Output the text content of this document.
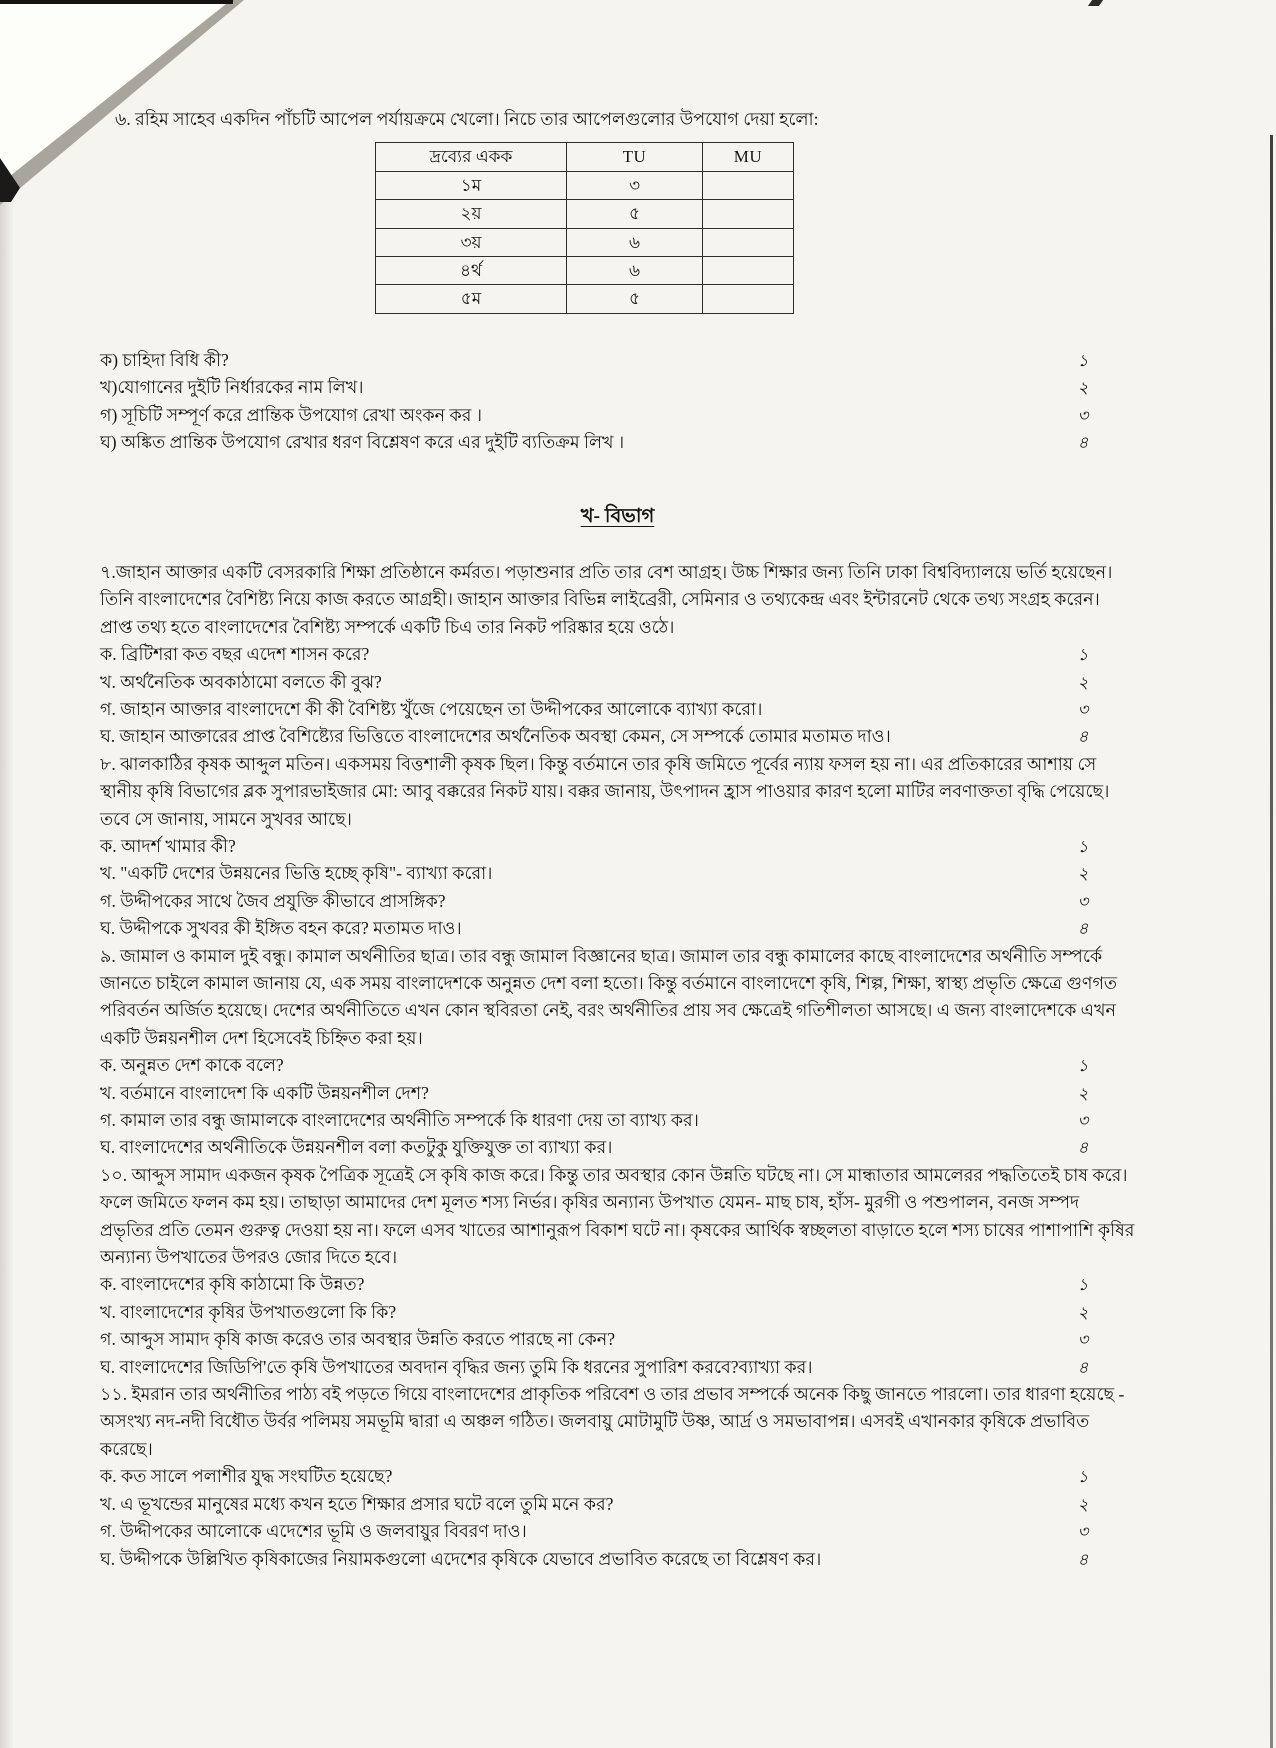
৬. রহিম সাহেব একদিন পাঁচটি আপেল পর্যায়ক্রমে খেলো। নিচে তার আপেলগুলোর উপযোগ দেয়া হলো:

দ্রব্যের একক	TU	MU
১ম	৩	
২য়	৫	
৩য়	৬	
৪র্থ	৬	
৫ম	৫	
ক) চাহিদা বিধি কী?	১
খ)যোগানের দুইটি নির্ধারকের নাম লিখ।	২
গ) সূচিটি সম্পূর্ণ করে প্রান্তিক উপযোগ রেখা অংকন কর ।	৩
ঘ) অঙ্কিত প্রান্তিক উপযোগ রেখার ধরণ বিশ্লেষণ করে এর দুইটি ব্যতিক্রম লিখ ।	৪
খ- বিভাগ

৭.জাহান আক্তার একটি বেসরকারি শিক্ষা প্রতিষ্ঠানে কর্মরত। পড়াশুনার প্রতি তার বেশ আগ্রহ। উচ্চ শিক্ষার জন্য তিনি ঢাকা বিশ্ববিদ্যালয়ে ভর্তি হয়েছেন। তিনি বাংলাদেশের বৈশিষ্ট্য নিয়ে কাজ করতে আগ্রহী। জাহান আক্তার বিভিন্ন লাইব্রেরী, সেমিনার ও তথ্যকেন্দ্র এবং ইন্টারনেট থেকে তথ্য সংগ্রহ করেন। প্রাপ্ত তথ্য হতে বাংলাদেশের বৈশিষ্ট্য সম্পর্কে একটি চিএ তার নিকট পরিষ্কার হয়ে ওঠে।

ক. ব্রিটিশরা কত বছর এদেশ শাসন করে?	১
খ. অর্থনৈতিক অবকাঠামো বলতে কী বুঝ?	২
গ. জাহান আক্তার বাংলাদেশে কী কী বৈশিষ্ট্য খুঁজে পেয়েছেন তা উদ্দীপকের আলোকে ব্যাখ্যা করো।	৩
ঘ. জাহান আক্তারের প্রাপ্ত বৈশিষ্ট্যের ভিত্তিতে বাংলাদেশের অর্থনৈতিক অবস্থা কেমন, সে সম্পর্কে তোমার মতামত দাও।	৪

৮. ঝালকাঠির কৃষক আব্দুল মতিন। একসময় বিত্তশালী কৃষক ছিল। কিন্তু বর্তমানে তার কৃষি জমিতে পূর্বের ন্যায় ফসল হয় না। এর প্রতিকারের আশায় সে স্থানীয় কৃষি বিভাগের ব্লক সুপারভাইজার মো: আবু বক্করের নিকট যায়। বক্কর জানায়, উৎপাদন হ্রাস পাওয়ার কারণ হলো মাটির লবণাক্ততা বৃদ্ধি পেয়েছে। তবে সে জানায়, সামনে সুখবর আছে।

ক. আদর্শ খামার কী?	১
খ. "একটি দেশের উন্নয়নের ভিত্তি হচ্ছে কৃষি"- ব্যাখ্যা করো।	২
গ. উদ্দীপকের সাথে জৈব প্রযুক্তি কীভাবে প্রাসঙ্গিক?	৩
ঘ. উদ্দীপকে সুখবর কী ইঙ্গিত বহন করে? মতামত দাও।	৪

৯. জামাল ও কামাল দুই বন্ধু। কামাল অর্থনীতির ছাত্র। তার বন্ধু জামাল বিজ্ঞানের ছাত্র। জামাল তার বন্ধু কামালের কাছে বাংলাদেশের অর্থনীতি সম্পর্কে জানতে চাইলে কামাল জানায় যে, এক সময় বাংলাদেশকে অনুন্নত দেশ বলা হতো। কিন্তু বর্তমানে বাংলাদেশে কৃষি, শিল্প, শিক্ষা, স্বাস্থ্য প্রভৃতি ক্ষেত্রে গুণগত পরিবর্তন অর্জিত হয়েছে। দেশের অর্থনীতিতে এখন কোন স্থবিরতা নেই, বরং অর্থনীতির প্রায় সব ক্ষেত্রেই গতিশীলতা আসছে। এ জন্য বাংলাদেশকে এখন একটি উন্নয়নশীল দেশ হিসেবেই চিহ্নিত করা হয়।

ক. অনুন্নত দেশ কাকে বলে?	১
খ. বর্তমানে বাংলাদেশ কি একটি উন্নয়নশীল দেশ?	২
গ. কামাল তার বন্ধু জামালকে বাংলাদেশের অর্থনীতি সম্পর্কে কি ধারণা দেয় তা ব্যাখ্য কর।	৩
ঘ. বাংলাদেশের অর্থনীতিকে উন্নয়নশীল বলা কতটুকু যুক্তিযুক্ত তা ব্যাখ্যা কর।	৪

১০. আব্দুস সামাদ একজন কৃষক পৈত্রিক সূত্রেই সে কৃষি কাজ করে। কিন্তু তার অবস্থার কোন উন্নতি ঘটছে না। সে মান্ধাতার আমলেরর পদ্ধতিতেই চাষ করে। ফলে জমিতে ফলন কম হয়। তাছাড়া আমাদের দেশ মূলত শস্য নির্ভর। কৃষির অন্যান্য উপখাত যেমন- মাছ চাষ, হাঁস- মুরগী ও পশুপালন, বনজ সম্পদ প্রভৃতির প্রতি তেমন গুরুত্ব দেওয়া হয় না। ফলে এসব খাতের আশানুরূপ বিকাশ ঘটে না। কৃষকের আর্থিক স্বচ্ছলতা বাড়াতে হলে শস্য চাষের পাশাপাশি কৃষির অন্যান্য উপখাতের উপরও জোর দিতে হবে।

ক. বাংলাদেশের কৃষি কাঠামো কি উন্নত?	১
খ. বাংলাদেশের কৃষির উপখাতগুলো কি কি?	২
গ. আব্দুস সামাদ কৃষি কাজ করেও তার অবস্থার উন্নতি করতে পারছে না কেন?	৩
ঘ. বাংলাদেশের জিডিপি'তে কৃষি উপখাতের অবদান বৃদ্ধির জন্য তুমি কি ধরনের সুপারিশ করবে?ব্যাখ্যা কর।	৪

১১. ইমরান তার অর্থনীতির পাঠ্য বই পড়তে গিয়ে বাংলাদেশের প্রাকৃতিক পরিবেশ ও তার প্রভাব সম্পর্কে অনেক কিছু জানতে পারলো। তার ধারণা হয়েছে - অসংখ্য নদ-নদী বিধৌত উর্বর পলিময় সমভূমি দ্বারা এ অঞ্চল গঠিত। জলবায়ু মোটামুটি উষ্ণ, আর্দ্র ও সমভাবাপন্ন। এসবই এখানকার কৃষিকে প্রভাবিত করেছে।

ক. কত সালে পলাশীর যুদ্ধ সংঘটিত হয়েছে?	১
খ. এ ভূখন্ডের মানুষের মধ্যে কখন হতে শিক্ষার প্রসার ঘটে বলে তুমি মনে কর?	২
গ. উদ্দীপকের আলোকে এদেশের ভূমি ও জলবায়ুর বিবরণ দাও।	৩
ঘ. উদ্দীপকে উল্লিখিত কৃষিকাজের নিয়ামকগুলো এদেশের কৃষিকে যেভাবে প্রভাবিত করেছে তা বিশ্লেষণ কর।	৪
